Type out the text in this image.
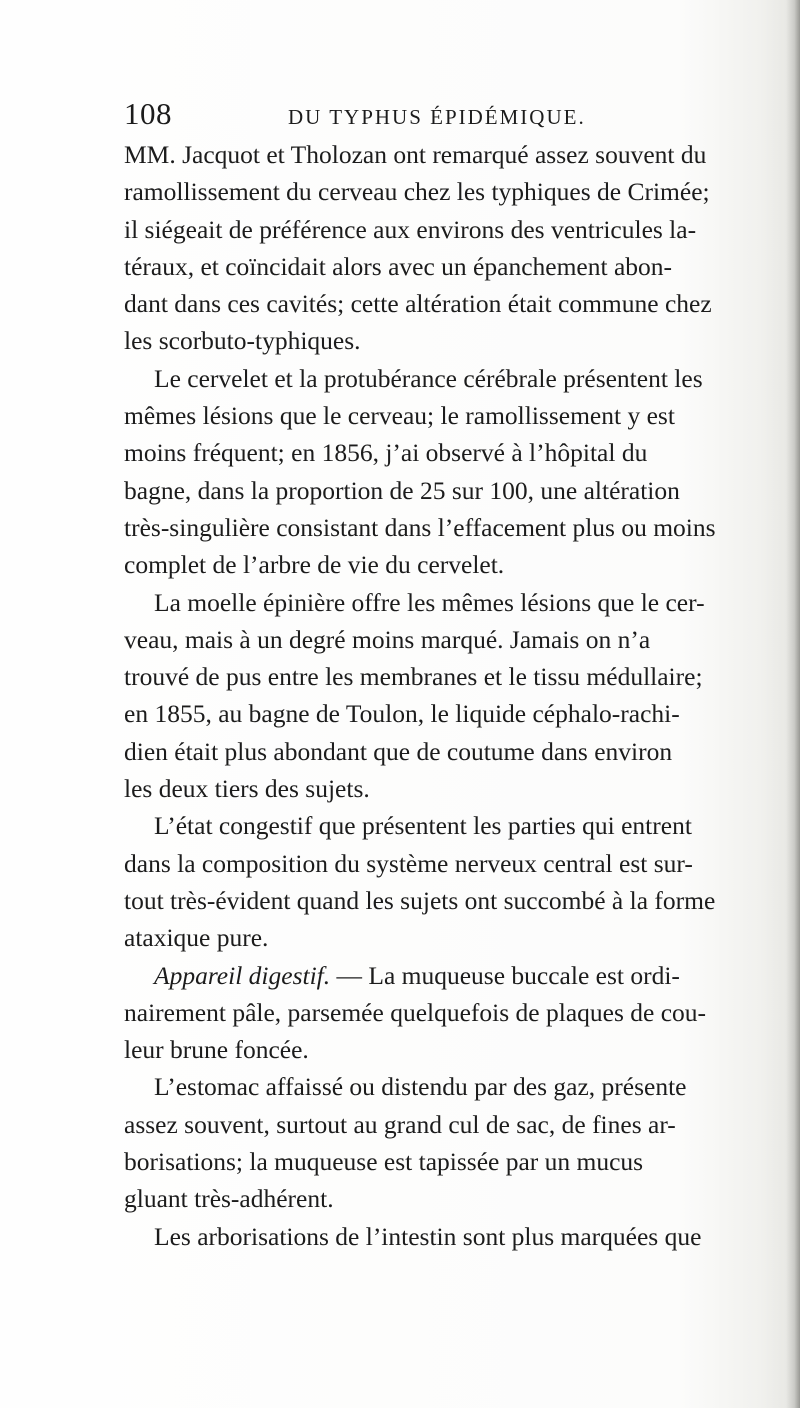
108	DU TYPHUS ÉPIDÉMIQUE.
MM. Jacquot et Tholozan ont remarqué assez souvent du
ramollissement du cerveau chez les typhiques de Crimée;
il siégeait de préférence aux environs des ventricules la-
téraux, et coïncidait alors avec un épanchement abon-
dant dans ces cavités; cette altération était commune chez
les scorbuto-typhiques.
Le cervelet et la protubérance cérébrale présentent les
mêmes lésions que le cerveau; le ramollissement y est
moins fréquent; en 1856, j’ai observé à l’hôpital du
bagne, dans la proportion de 25 sur 100, une altération
très-singulière consistant dans l’effacement plus ou moins
complet de l’arbre de vie du cervelet.
La moelle épinière offre les mêmes lésions que le cer-
veau, mais à un degré moins marqué. Jamais on n’a
trouvé de pus entre les membranes et le tissu médullaire;
en 1855, au bagne de Toulon, le liquide céphalo-rachi-
dien était plus abondant que de coutume dans environ
les deux tiers des sujets.
L’état congestif que présentent les parties qui entrent
dans la composition du système nerveux central est sur-
tout très-évident quand les sujets ont succombé à la forme
ataxique pure.
Appareil digestif. — La muqueuse buccale est ordi-
nairement pâle, parsemée quelquefois de plaques de cou-
leur brune foncée.
L’estomac affaissé ou distendu par des gaz, présente
assez souvent, surtout au grand cul de sac, de fines ar-
borisations; la muqueuse est tapissée par un mucus
gluant très-adhérent.
Les arborisations de l’intestin sont plus marquées que
